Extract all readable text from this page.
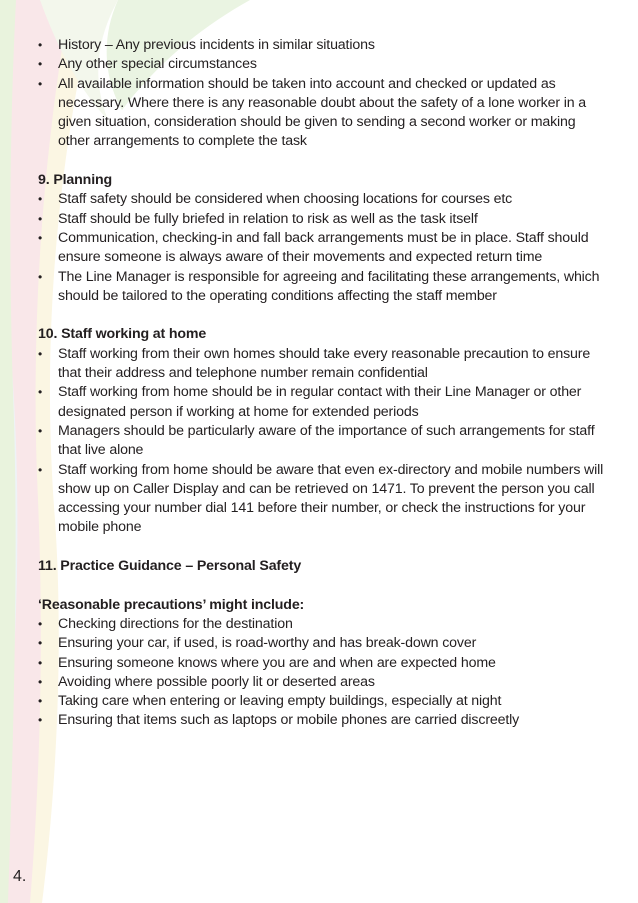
• History – Any previous incidents in similar situations
• Any other special circumstances
• All available information should be taken into account and checked or updated as necessary. Where there is any reasonable doubt about the safety of a lone worker in a given situation, consideration should be given to sending a second worker or making other arrangements to complete the task

9. Planning

• Staff safety should be considered when choosing locations for courses etc
• Staff should be fully briefed in relation to risk as well as the task itself
• Communication, checking-in and fall back arrangements must be in place. Staff should ensure someone is always aware of their movements and expected return time
• The Line Manager is responsible for agreeing and facilitating these arrangements, which should be tailored to the operating conditions affecting the staff member

10. Staff working at home

• Staff working from their own homes should take every reasonable precaution to ensure that their address and telephone number remain confidential
• Staff working from home should be in regular contact with their Line Manager or other designated person if working at home for extended periods
• Managers should be particularly aware of the importance of such arrangements for staff that live alone
• Staff working from home should be aware that even ex-directory and mobile numbers will show up on Caller Display and can be retrieved on 1471. To prevent the person you call accessing your number dial 141 before their number, or check the instructions for your mobile phone

11. Practice Guidance – Personal Safety

‘Reasonable precautions’ might include:

• Checking directions for the destination
• Ensuring your car, if used, is road-worthy and has break-down cover
• Ensuring someone knows where you are and when are expected home
• Avoiding where possible poorly lit or deserted areas
• Taking care when entering or leaving empty buildings, especially at night
• Ensuring that items such as laptops or mobile phones are carried discreetly
4.
